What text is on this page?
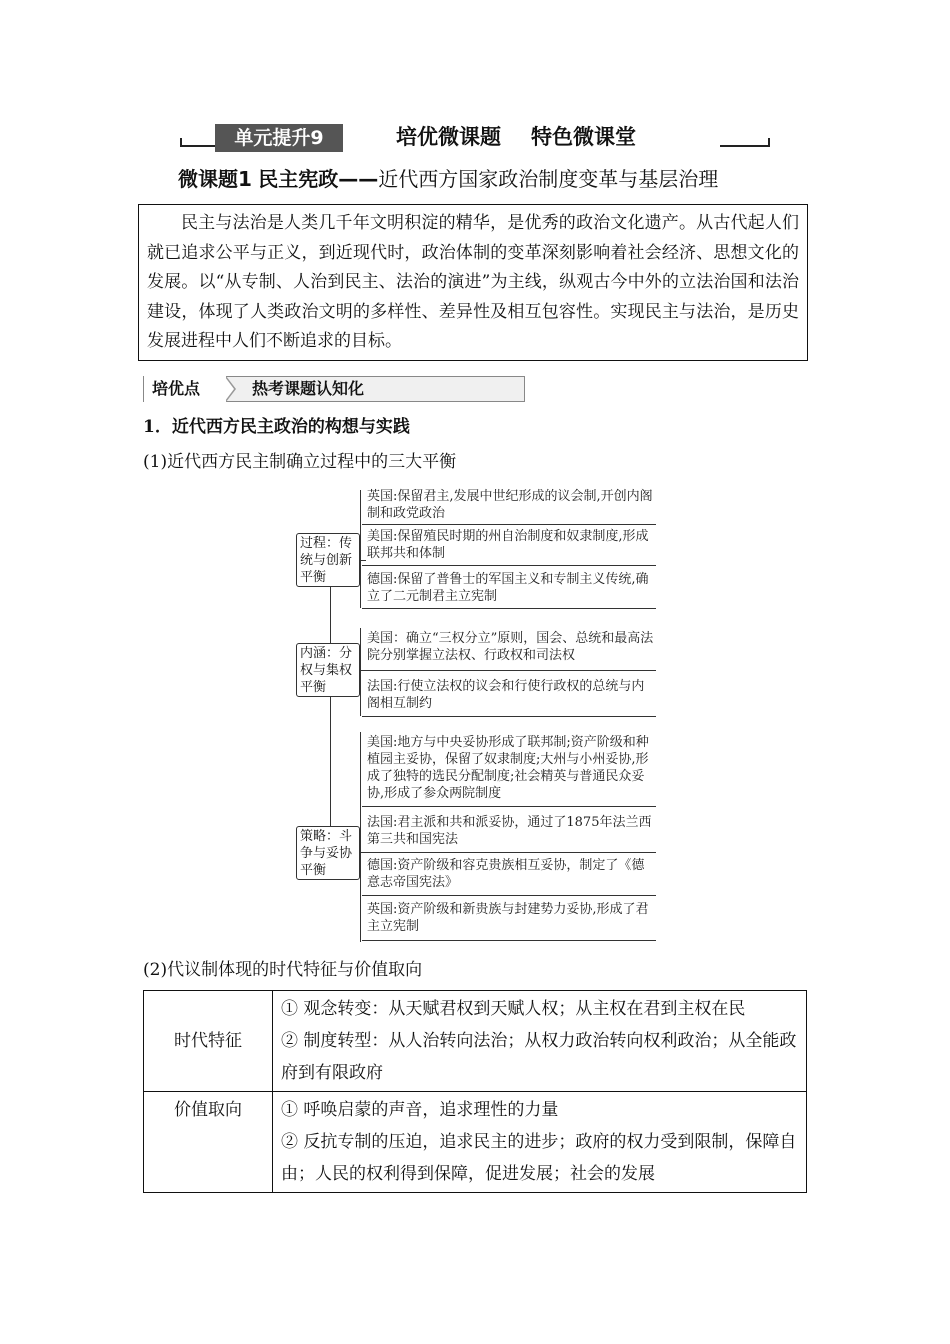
单元提升9	培优微课题 特色微课堂
微课题1 民主宪政——近代西方国家政治制度变革与基层治理

民主与法治是人类几千年文明积淀的精华，是优秀的政治文化遗产。从古代起人们就已追求公平与正义，到近现代时，政治体制的变革深刻影响着社会经济、思想文化的发展。以“从专制、人治到民主、法治的演进”为主线，纵观古今中外的立法治国和法治建设，体现了人类政治文明的多样性、差异性及相互包容性。实现民主与法治，是历史发展进程中人们不断追求的目标。

培优点	热考课题认知化
1．近代西方民主政治的构想与实践
(1)近代西方民主制确立过程中的三大平衡
过程：传统与创新平衡
英国:保留君主,发展中世纪形成的议会制,开创内阁制和政党政治
美国:保留殖民时期的州自治制度和奴隶制度,形成联邦共和体制
德国:保留了普鲁士的军国主义和专制主义传统,确立了二元制君主立宪制
内涵：分权与集权平衡
美国：确立“三权分立”原则，国会、总统和最高法院分别掌握立法权、行政权和司法权
法国:行使立法权的议会和行使行政权的总统与内阁相互制约
策略：斗争与妥协平衡
美国:地方与中央妥协形成了联邦制;资产阶级和种植园主妥协，保留了奴隶制度;大州与小州妥协,形成了独特的选民分配制度;社会精英与普通民众妥协,形成了参众两院制度
法国:君主派和共和派妥协，通过了1875年法兰西第三共和国宪法
德国:资产阶级和容克贵族相互妥协，制定了《德意志帝国宪法》
英国:资产阶级和新贵族与封建势力妥协,形成了君主立宪制
(2)代议制体现的时代特征与价值取向
时代特征	① 观念转变：从天赋君权到天赋人权；从主权在君到主权在民
② 制度转型：从人治转向法治；从权力政治转向权利政治；从全能政府到有限政府

价值取向	① 呼唤启蒙的声音，追求理性的力量
② 反抗专制的压迫，追求民主的进步；政府的权力受到限制，保障自由；人民的权利得到保障，促进发展；社会的发展
